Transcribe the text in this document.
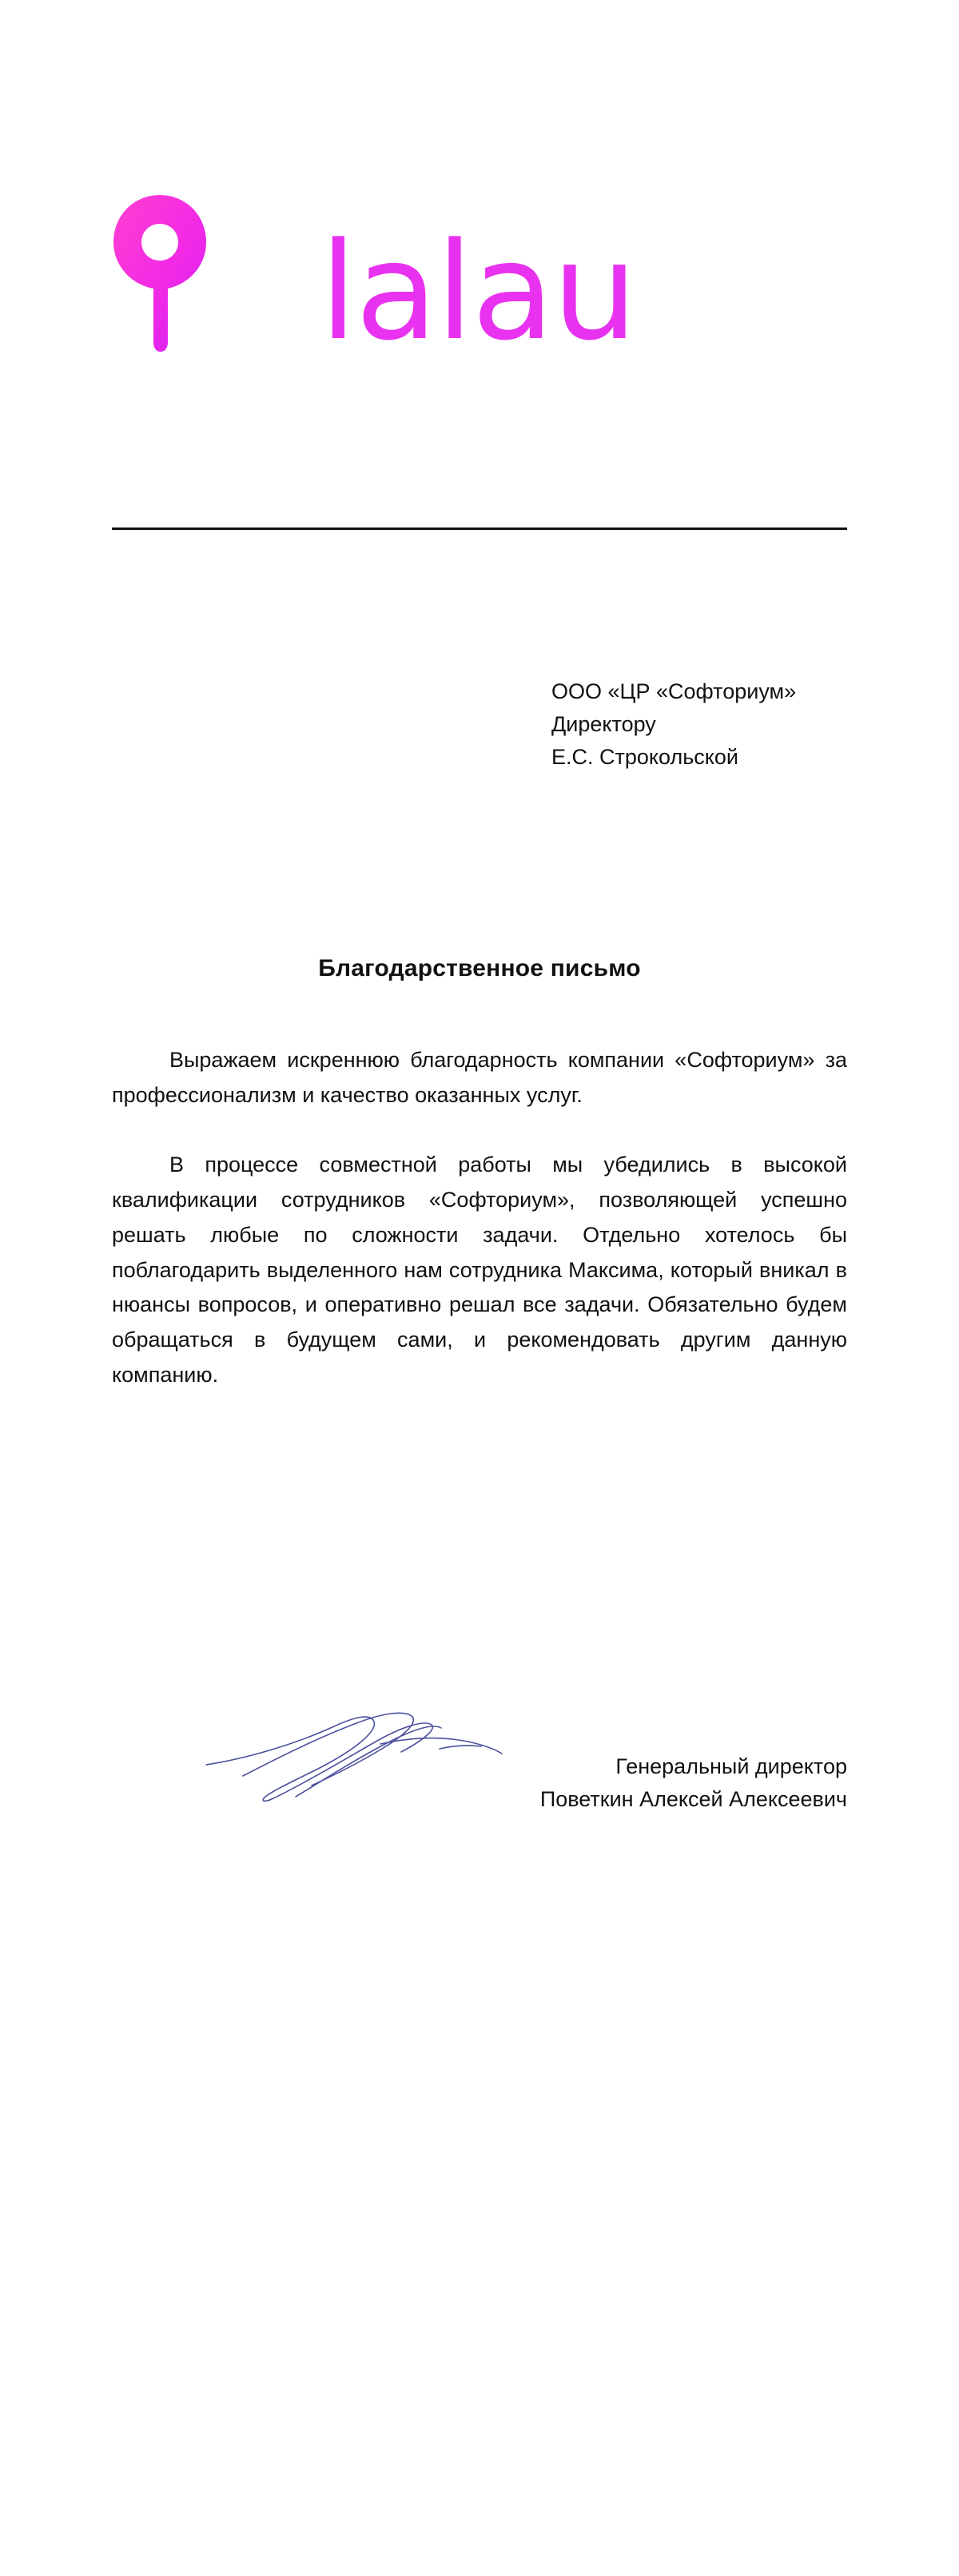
lalau
ООО «ЦР «Софториум»
Директору
Е.С. Строкольской
Благодарственное письмо

Выражаем искреннюю благодарность компании «Софториум» за профессионализм и качество оказанных услуг.

В процессе совместной работы мы убедились в высокой квалификации сотрудников «Софториум», позволяющей успешно решать любые по сложности задачи. Отдельно хотелось бы поблагодарить выделенного нам сотрудника Максима, который вникал в нюансы вопросов, и оперативно решал все задачи. Обязательно будем обращаться в будущем сами, и рекомендовать другим данную компанию.

Генеральный директор
Поветкин Алексей Алексеевич
